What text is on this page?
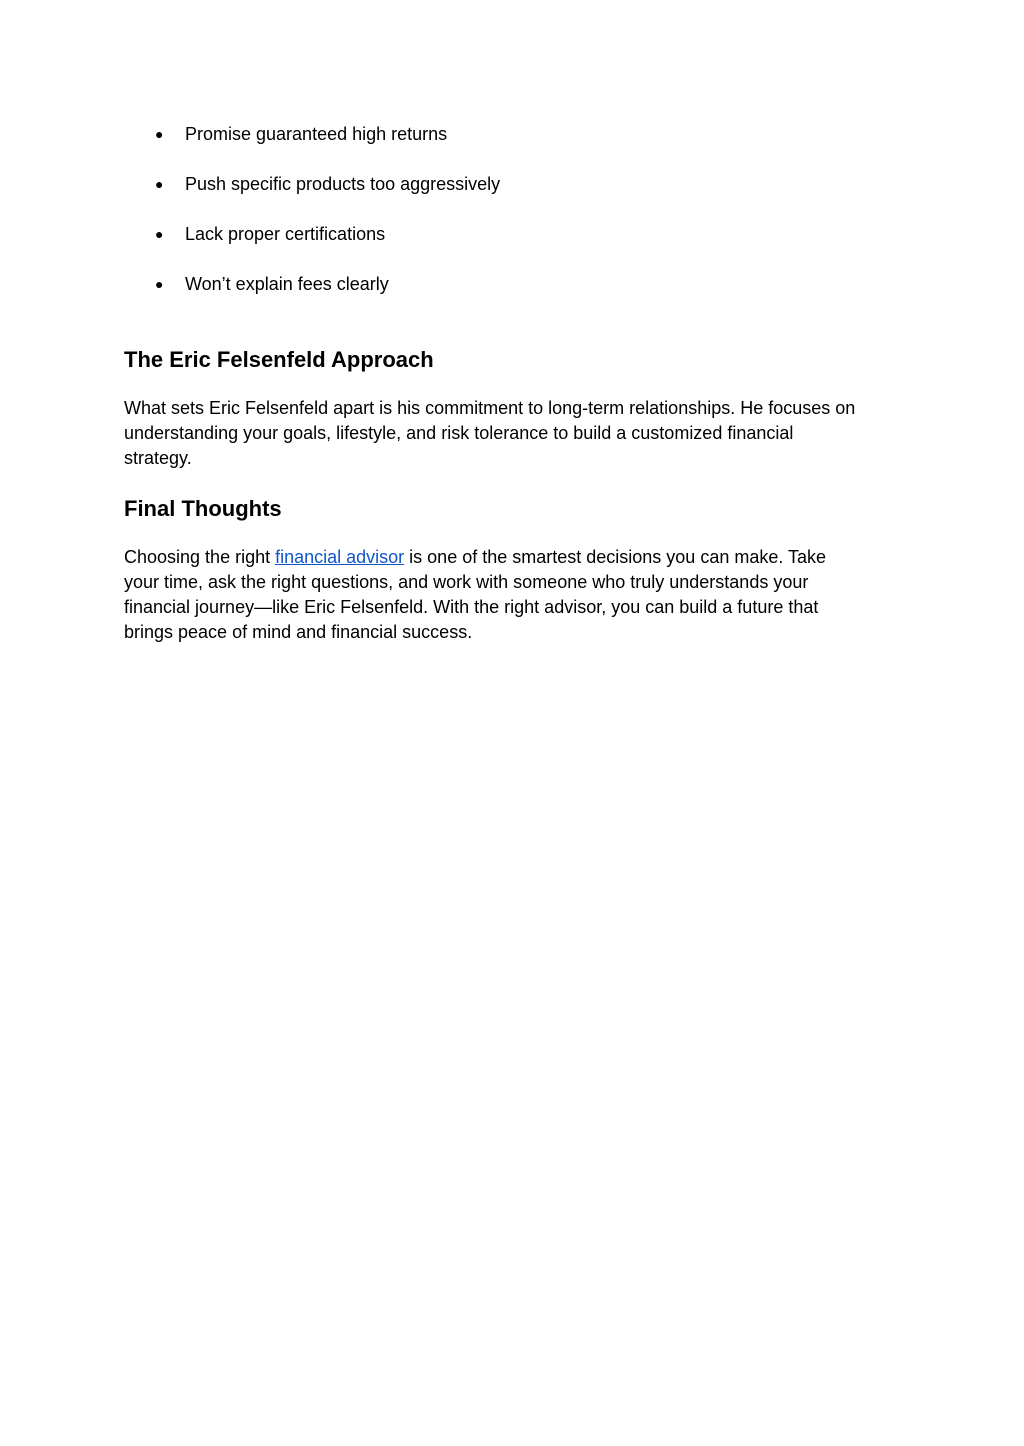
●	Promise guaranteed high returns
●	Push specific products too aggressively
●	Lack proper certifications
●	Won’t explain fees clearly
The Eric Felsenfeld Approach

What sets Eric Felsenfeld apart is his commitment to long-term relationships. He focuses on
understanding your goals, lifestyle, and risk tolerance to build a customized financial
strategy.

Final Thoughts

Choosing the right financial advisor is one of the smartest decisions you can make. Take
your time, ask the right questions, and work with someone who truly understands your
financial journey—like Eric Felsenfeld. With the right advisor, you can build a future that
brings peace of mind and financial success.
